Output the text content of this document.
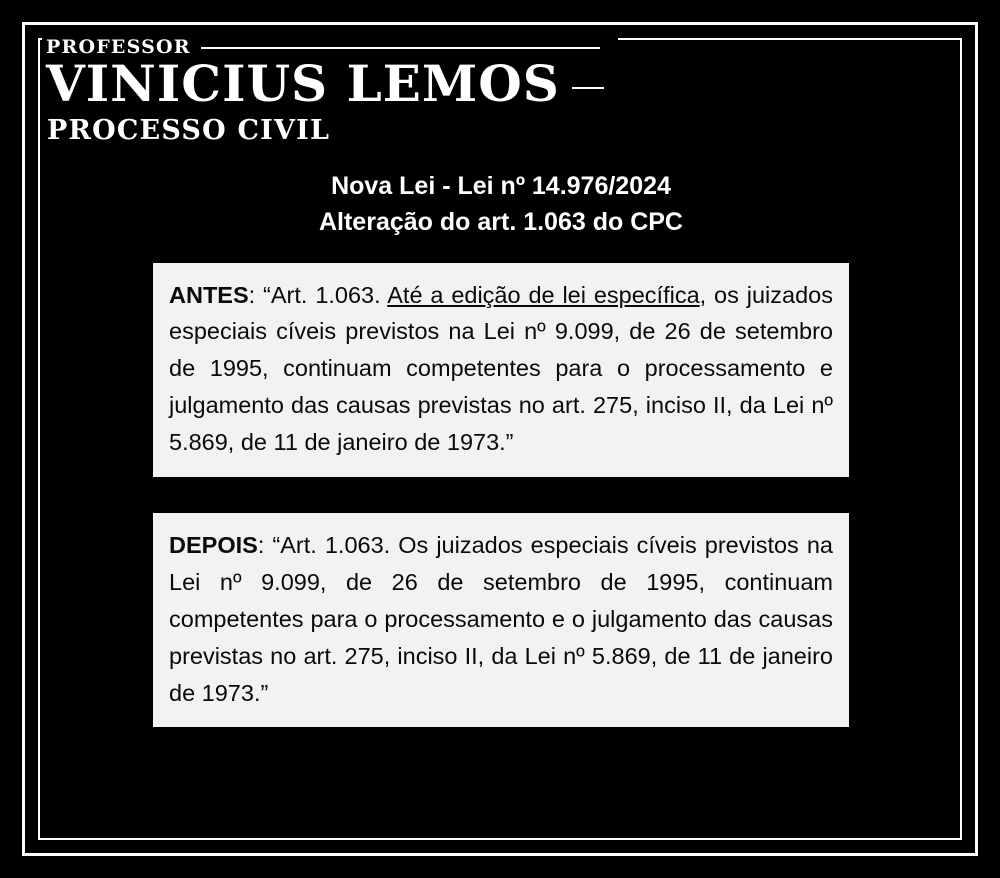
PROFESSOR
VINICIUS LEMOS
PROCESSO CIVIL
Nova Lei - Lei nº 14.976/2024
Alteração do art. 1.063 do CPC

ANTES: “Art. 1.063. Até a edição de lei específica, os juizados especiais cíveis previstos na Lei nº 9.099, de 26 de setembro de 1995, continuam competentes para o processamento e julgamento das causas previstas no art. 275, inciso II, da Lei nº 5.869, de 11 de janeiro de 1973.”

DEPOIS: “Art. 1.063. Os juizados especiais cíveis previstos na Lei nº 9.099, de 26 de setembro de 1995, continuam competentes para o processamento e o julgamento das causas previstas no art. 275, inciso II, da Lei nº 5.869, de 11 de janeiro de 1973.”
